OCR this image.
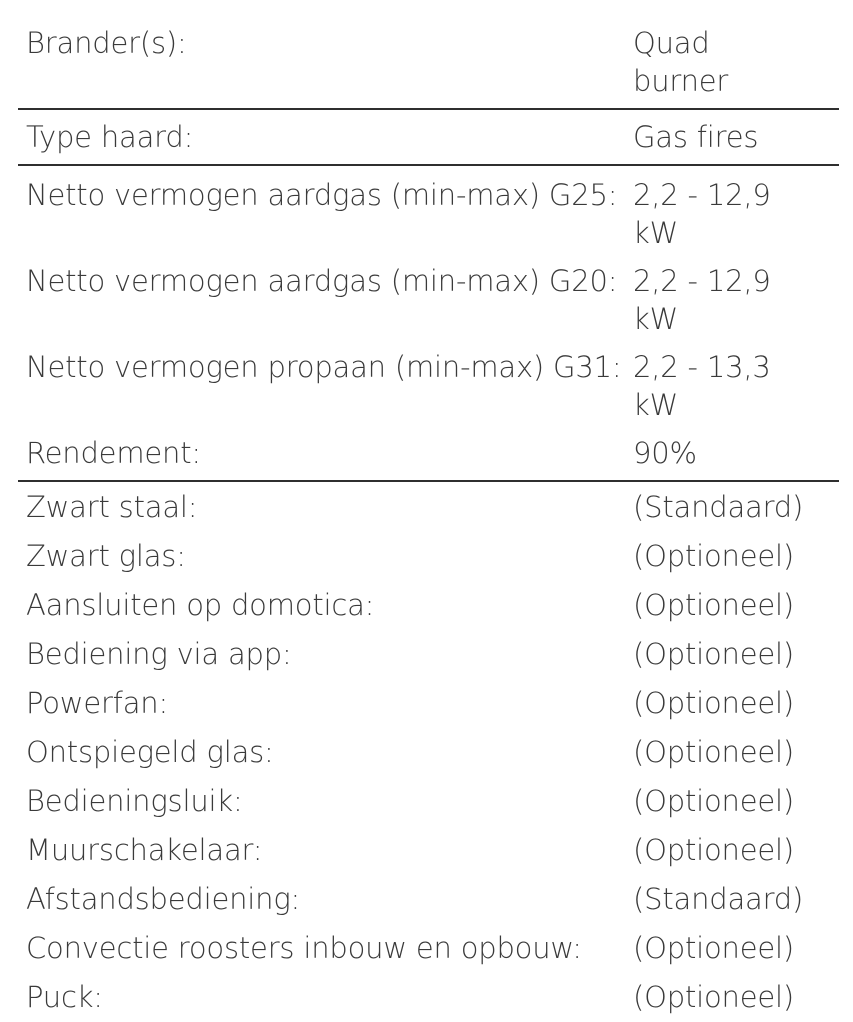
Brander(s):	Quad burner
Type haard:	Gas fires
Netto vermogen aardgas (min-max) G25: 2,2 - 12,9 kW
Netto vermogen aardgas (min-max) G20: 2,2 - 12,9 kW
Netto vermogen propaan (min-max) G31: 2,2 - 13,3 kW
Rendement:	90%
Zwart staal:	(Standaard)
Zwart glas:	(Optioneel)
Aansluiten op domotica:	(Optioneel)
Bediening via app:	(Optioneel)
Powerfan:	(Optioneel)
Ontspiegeld glas:	(Optioneel)
Bedieningsluik:	(Optioneel)
Muurschakelaar:	(Optioneel)
Afstandsbediening:	(Standaard)
Convectie roosters inbouw en opbouw:	(Optioneel)
Puck:	(Optioneel)
